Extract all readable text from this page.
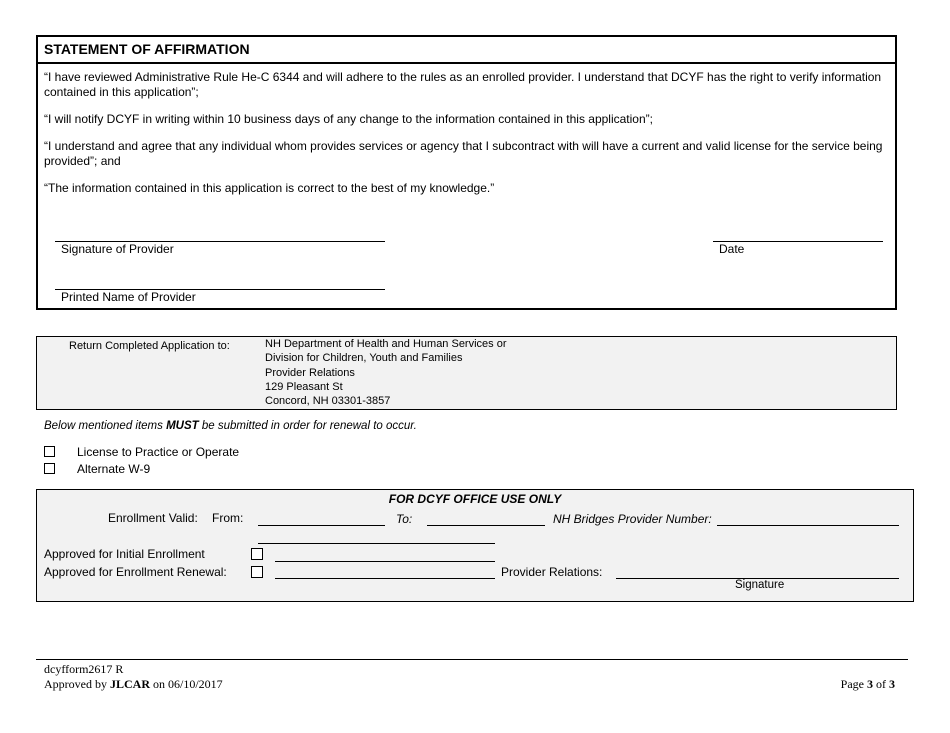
STATEMENT OF AFFIRMATION
“I have reviewed Administrative Rule He-C 6344 and will adhere to the rules as an enrolled provider. I understand that DCYF has the right to verify information contained in this application”;
“I will notify DCYF in writing within 10 business days of any change to the information contained in this application”;
“I understand and agree that any individual whom provides services or agency that I subcontract with will have a current and valid license for the service being provided”; and
“The information contained in this application is correct to the best of my knowledge.”
Signature of Provider	Date
Printed Name of Provider
Return Completed Application to:	NH Department of Health and Human Services or
Division for Children, Youth and Families
Provider Relations
129 Pleasant St
Concord, NH 03301-3857
Below mentioned items MUST be submitted in order for renewal to occur.
License to Practice or Operate
Alternate W-9
FOR DCYF OFFICE USE ONLY
Enrollment Valid: From:	To:	NH Bridges Provider Number:
Approved for Initial Enrollment
Approved for Enrollment Renewal:	Provider Relations:
Signature
dcyfform2617 R
Approved by JLCAR on 06/10/2017	Page 3 of 3
